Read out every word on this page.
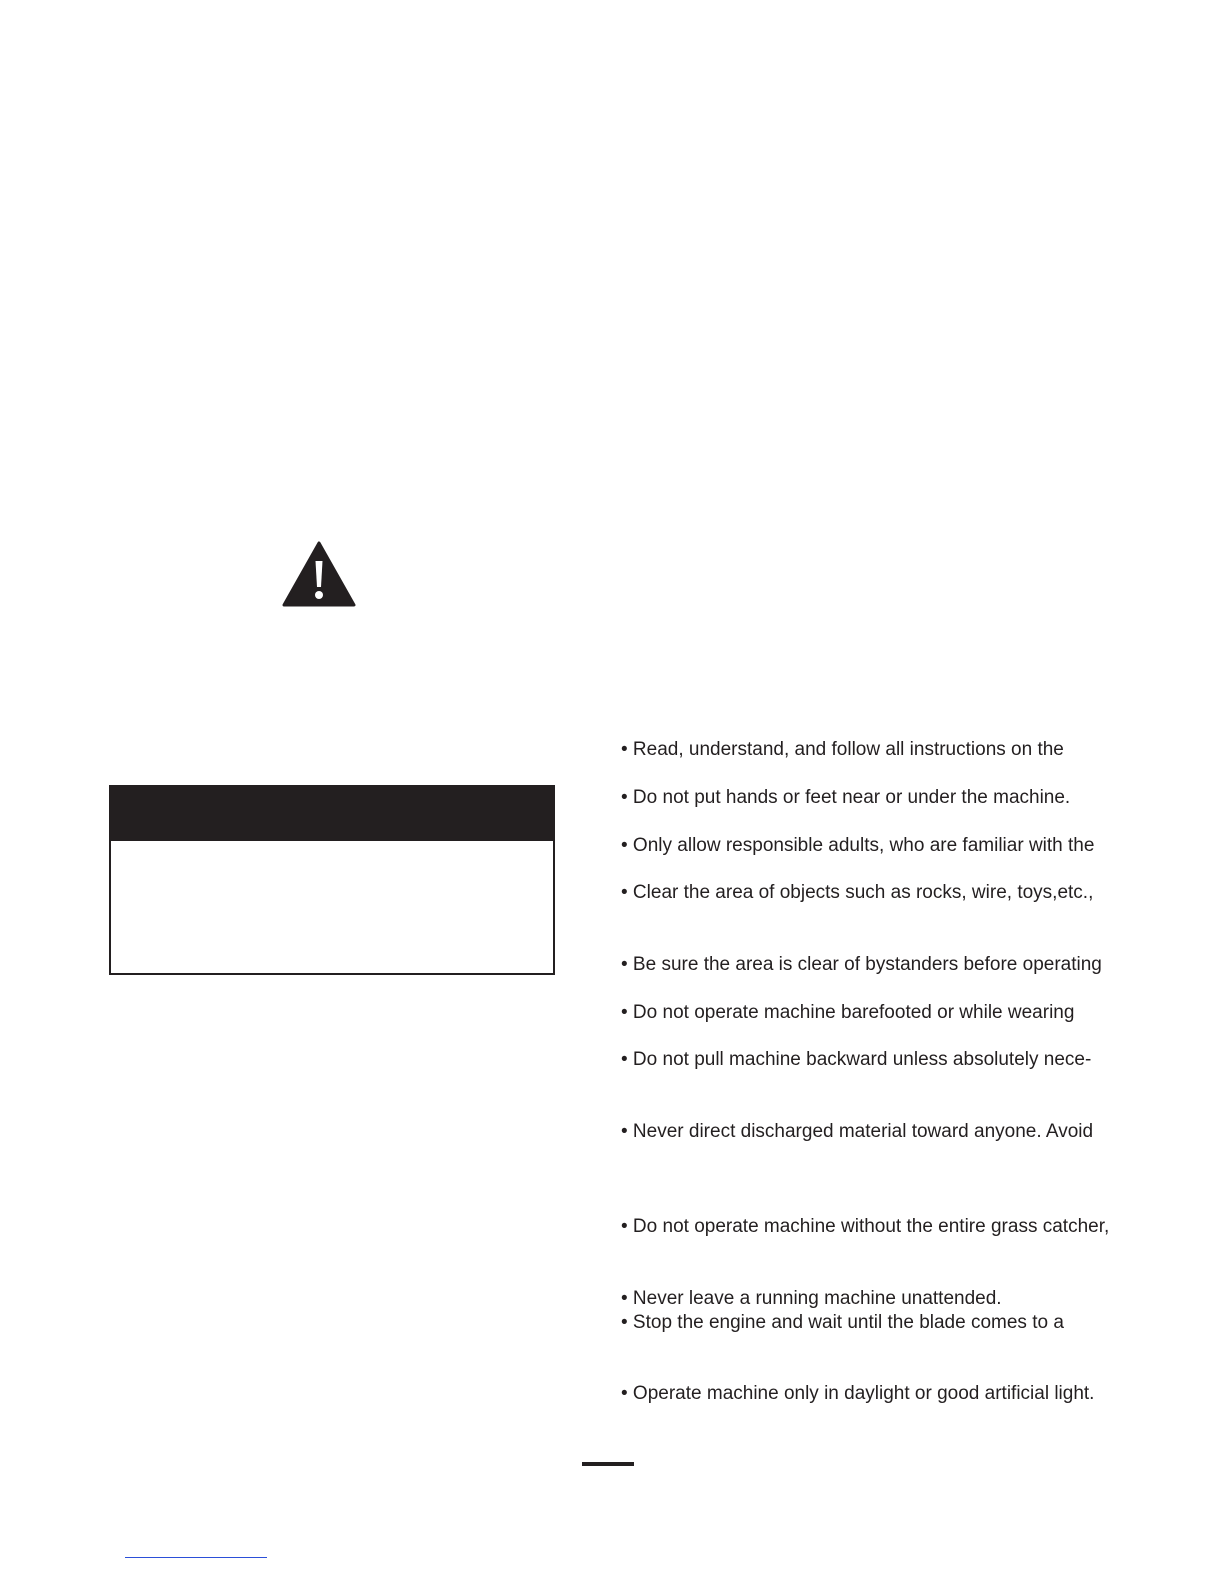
• Read, understand, and follow all instructions on the
• Do not put hands or feet near or under the machine.
• Only allow responsible adults, who are familiar with the
• Clear the area of objects such as rocks, wire, toys,etc.,
• Be sure the area is clear of bystanders before operating
• Do not operate machine barefooted or while wearing
• Do not pull machine backward unless absolutely nece-
• Never direct discharged material toward anyone. Avoid
• Do not operate machine without the entire grass catcher,
• Never leave a running machine unattended.
• Stop the engine and wait until the blade comes to a
• Operate machine only in daylight or good artificial light.
